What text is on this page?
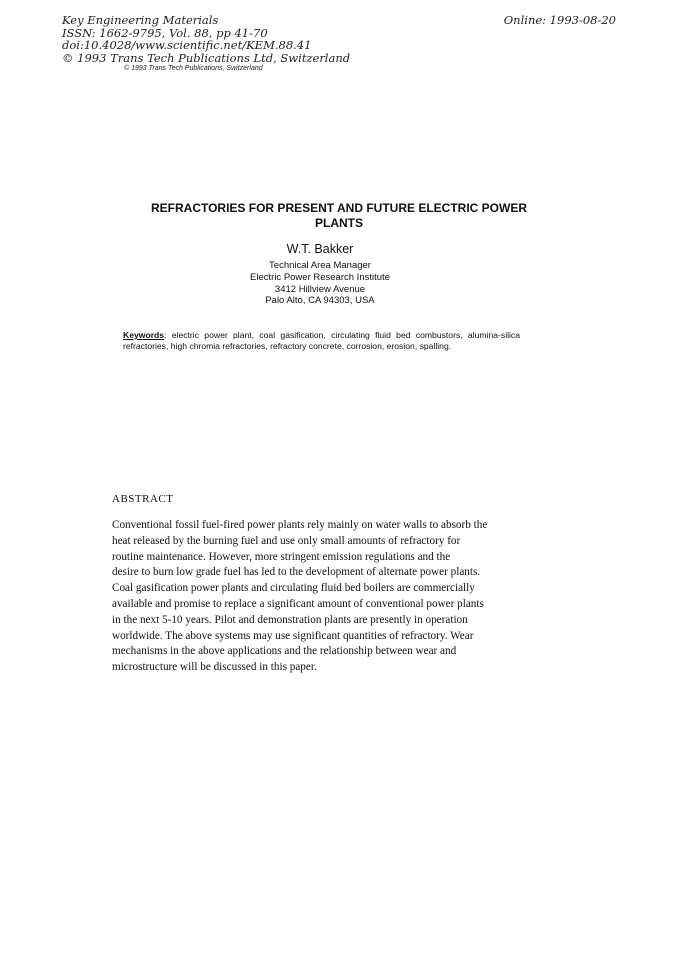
Key Engineering Materials
ISSN: 1662-9795, Vol. 88, pp 41-70
doi:10.4028/www.scientific.net/KEM.88.41
© 1993 Trans Tech Publications Ltd, Switzerland
Online: 1993-08-20
© 1993 Trans Tech Publications, Switzerland
REFRACTORIES FOR PRESENT AND FUTURE ELECTRIC POWER
PLANTS
W.T. Bakker
Technical Area Manager
Electric Power Research Institute
3412 Hillview Avenue
Palo Alto, CA 94303, USA
Keywords: electric power plant, coal gasification, circulating fluid bed combustors, alumina-silica refractories, high chromia refractories, refractory concrete, corrosion, erosion, spalling.
ABSTRACT
Conventional fossil fuel-fired power plants rely mainly on water walls to absorb the
heat released by the burning fuel and use only small amounts of refractory for
routine maintenance. However, more stringent emission regulations and the
desire to burn low grade fuel has led to the development of alternate power plants.
Coal gasification power plants and circulating fluid bed boilers are commercially
available and promise to replace a significant amount of conventional power plants
in the next 5-10 years. Pilot and demonstration plants are presently in operation
worldwide. The above systems may use significant quantities of refractory. Wear
mechanisms in the above applications and the relationship between wear and
microstructure will be discussed in this paper.
